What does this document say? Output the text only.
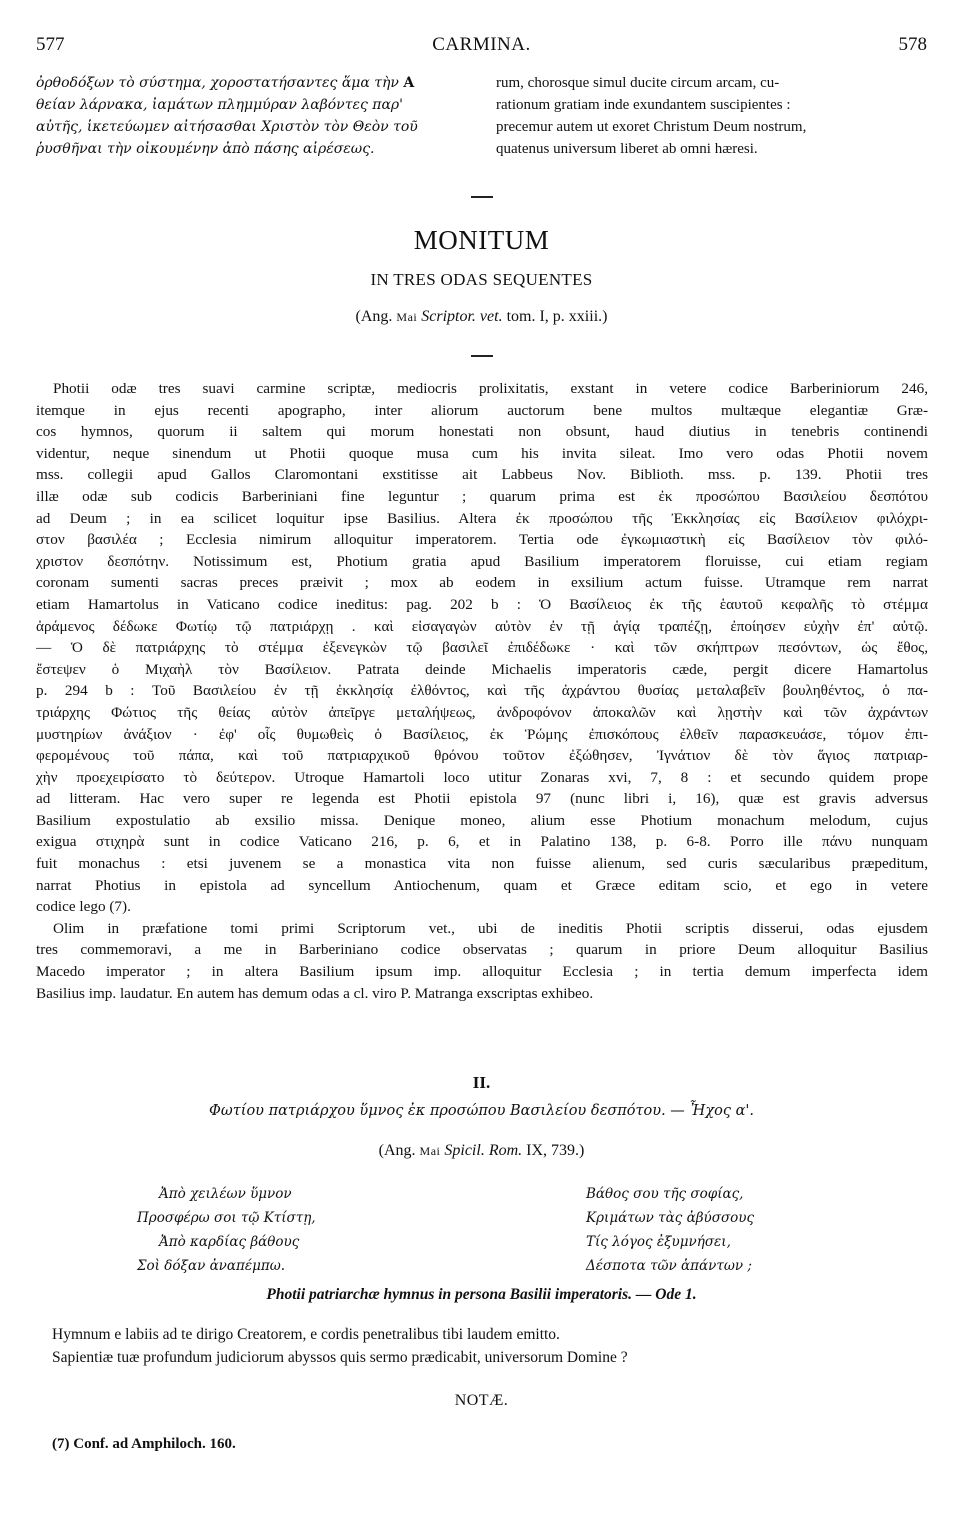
577	CARMINA.	578
ὀρθοδόξων τὸ σύστημα, χοροστατήσαντες ἅμα τὴν A
θείαν λάρνακα, ἰαμάτων πλημμύραν λαβόντες παρ'
αὐτῆς, ἱκετεύωμεν αἰτήσασθαι Χριστὸν τὸν Θεὸν τοῦ
ῥυσθῆναι τὴν οἰκουμένην ἀπὸ πάσης αἱρέσεως.
rum, chorosque simul ducite circum arcam, cu-
rationum gratiam inde exundantem suscipientes :
precemur autem ut exoret Christum Deum nostrum,
quatenus universum liberet ab omni hæresi.
MONITUM
IN TRES ODAS SEQUENTES
(Ang. Mai Scriptor. vet. tom. I, p. xxiii.)
Photii odæ tres suavi carmine scriptæ, mediocris prolixitatis, exstant in vetere codice Barberiniorum 246,
itemque in ejus recenti apographo, inter aliorum auctorum bene multos multæque elegantiæ Græ-
cos hymnos, quorum ii saltem qui morum honestati non obsunt, haud diutius in tenebris continendi
videntur, neque sinendum ut Photii quoque musa cum his invita sileat. Imo vero odas Photii novem
mss. collegii apud Gallos Claromontani exstitisse ait Labbeus Nov. Biblioth. mss. p. 139. Photii tres
illæ odæ sub codicis Barberiniani fine leguntur ; quarum prima est ἐκ προσώπου Βασιλείου δεσπότου
ad Deum ; in ea scilicet loquitur ipse Basilius. Altera ἐκ προσώπου τῆς Ἐκκλησίας εἰς Βασίλειον φιλόχρι-
στον βασιλέα ; Ecclesia nimirum alloquitur imperatorem. Tertia ode ἐγκωμιαστικὴ εἰς Βασίλειον τὸν φιλό-
χριστον δεσπότην. Notissimum est, Photium gratia apud Basilium imperatorem floruisse, cui etiam regiam
coronam sumenti sacras preces præivit ; mox ab eodem in exsilium actum fuisse. Utramque rem narrat
etiam Hamartolus in Vaticano codice ineditus: pag. 202 b : Ὁ Βασίλειος ἐκ τῆς ἑαυτοῦ κεφαλῆς τὸ στέμμα
ἀράμενος δέδωκε Φωτίῳ τῷ πατριάρχῃ . καὶ εἰσαγαγὼν αὐτὸν ἐν τῇ ἁγίᾳ τραπέζῃ, ἐποίησεν εὐχὴν ἐπ' αὐτῷ.
— Ὁ δὲ πατριάρχης τὸ στέμμα ἐξενεγκὼν τῷ βασιλεῖ ἐπιδέδωκε · καὶ τῶν σκήπτρων πεσόντων, ὡς ἔθος,
ἔστεψεν ὁ Μιχαὴλ τὸν Βασίλειον. Patrata deinde Michaelis imperatoris cæde, pergit dicere Hamartolus
p. 294 b : Τοῦ Βασιλείου ἐν τῇ ἐκκλησίᾳ ἐλθόντος, καὶ τῆς ἀχράντου θυσίας μεταλαβεῖν βουληθέντος, ὁ πα-
τριάρχης Φώτιος τῆς θείας αὐτὸν ἀπεῖργε μεταλήψεως, ἀνδροφόνον ἀποκαλῶν καὶ λῃστὴν καὶ τῶν ἀχράντων
μυστηρίων ἀνάξιον · ἐφ' οἷς θυμωθεὶς ὁ Βασίλειος, ἐκ Ῥώμης ἐπισκόπους ἐλθεῖν παρασκευάσε, τόμον ἐπι-
φερομένους τοῦ πάπα, καὶ τοῦ πατριαρχικοῦ θρόνου τοῦτον ἐξώθησεν, Ἰγνάτιον δὲ τὸν ἅγιος πατριαρ-
χὴν προεχειρίσατο τὸ δεύτερον. Utroque Hamartoli loco utitur Zonaras xvi, 7, 8 : et secundo quidem prope
ad litteram. Hac vero super re legenda est Photii epistola 97 (nunc libri i, 16), quæ est gravis adversus
Basilium expostulatio ab exsilio missa. Denique moneo, alium esse Photium monachum melodum, cujus
exigua στιχηρὰ sunt in codice Vaticano 216, p. 6, et in Palatino 138, p. 6-8. Porro ille πάνυ nunquam
fuit monachus : etsi juvenem se a monastica vita non fuisse alienum, sed curis sæcularibus præpeditum,
narrat Photius in epistola ad syncellum Antiochenum, quam et Græce editam scio, et ego in vetere
codice lego (7).
Olim in præfatione tomi primi Scriptorum vet., ubi de ineditis Photii scriptis disserui, odas ejusdem
tres commemoravi, a me in Barberiniano codice observatas ; quarum in priore Deum alloquitur Basilius
Macedo imperator ; in altera Basilium ipsum imp. alloquitur Ecclesia ; in tertia demum imperfecta idem
Basilius imp. laudatur. En autem has demum odas a cl. viro P. Matranga exscriptas exhibeo.
II.
Φωτίου πατριάρχου ὕμνος ἐκ προσώπου Βασιλείου δεσπότου. — Ἦχος α'.
(Ang. Mai Spicil. Rom. IX, 739.)
Ἀπὸ χειλέων ὕμνον
Προσφέρω σοι τῷ Κτίστῃ,
Ἀπὸ καρδίας βάθους
Σοὶ δόξαν ἀναπέμπω.
Βάθος σου τῆς σοφίας,
Κριμάτων τὰς ἀβύσσους
Τίς λόγος ἐξυμνήσει,
Δέσποτα τῶν ἁπάντων ;
Photii patriarchæ hymnus in persona Basilii imperatoris. — Ode 1.
Hymnum e labiis ad te dirigo Creatorem, e cordis penetralibus tibi laudem emitto.
Sapientiæ tuæ profundum judiciorum abyssos quis sermo prædicabit, universorum Domine ?
NOTÆ.
(7) Conf. ad Amphiloch. 160.
